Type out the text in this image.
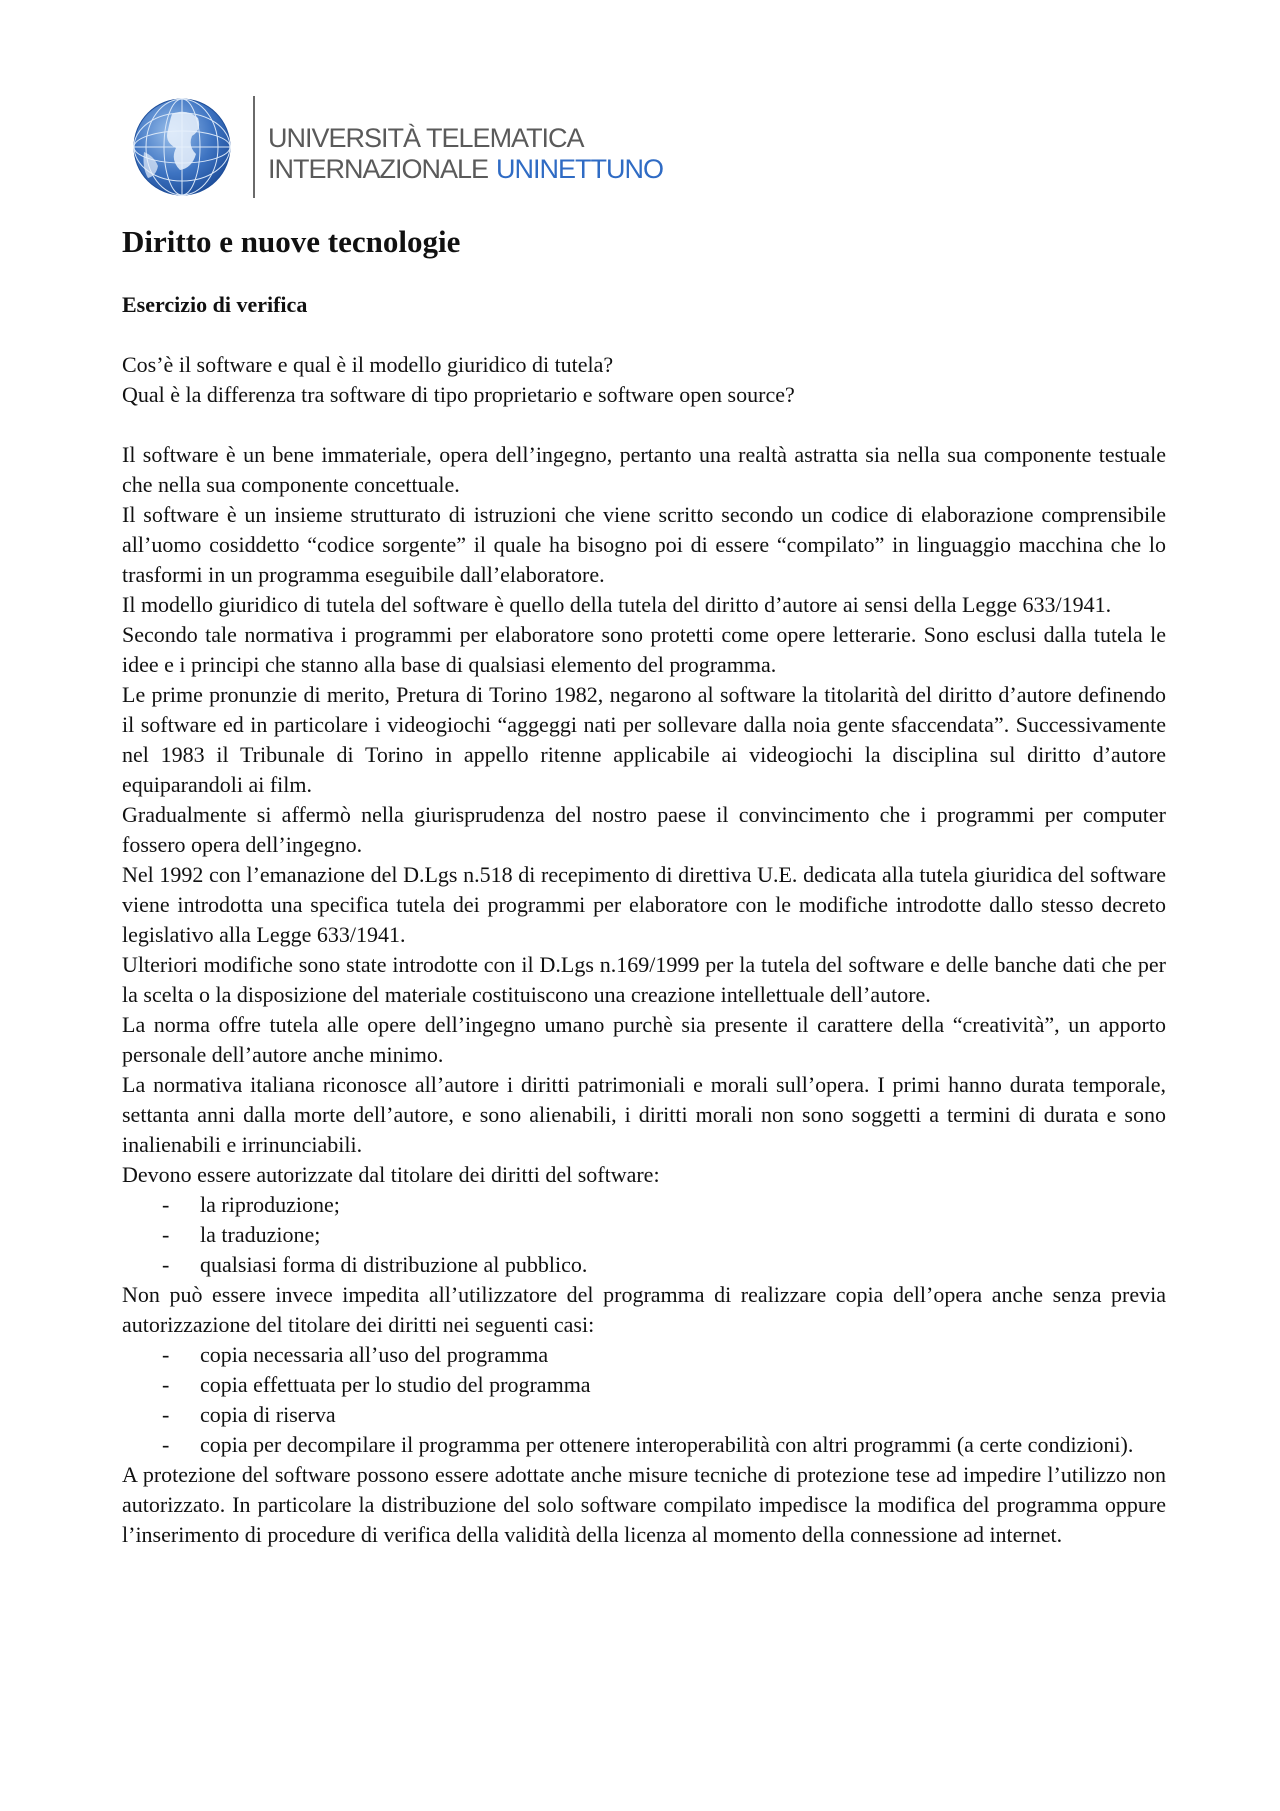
UNIVERSITÀ TELEMATICA
INTERNAZIONALE UNINETTUNO
Diritto e nuove tecnologie
Esercizio di verifica

Cos’è il software e qual è il modello giuridico di tutela?

Qual è la differenza tra software di tipo proprietario e software open source?

Il software è un bene immateriale, opera dell’ingegno, pertanto una realtà astratta sia nella sua componente testuale che nella sua componente concettuale.

Il software è un insieme strutturato di istruzioni che viene scritto secondo un codice di elaborazione comprensibile all’uomo cosiddetto “codice sorgente” il quale ha bisogno poi di essere “compilato” in linguaggio macchina che lo trasformi in un programma eseguibile dall’elaboratore.

Il modello giuridico di tutela del software è quello della tutela del diritto d’autore ai sensi della Legge 633/1941.

Secondo tale normativa i programmi per elaboratore sono protetti come opere letterarie. Sono esclusi dalla tutela le idee e i principi che stanno alla base di qualsiasi elemento del programma.

Le prime pronunzie di merito, Pretura di Torino 1982, negarono al software la titolarità del diritto d’autore definendo il software ed in particolare i videogiochi “aggeggi nati per sollevare dalla noia gente sfaccendata”. Successivamente nel 1983 il Tribunale di Torino in appello ritenne applicabile ai videogiochi la disciplina sul diritto d’autore equiparandoli ai film.

Gradualmente si affermò nella giurisprudenza del nostro paese il convincimento che i programmi per computer fossero opera dell’ingegno.

Nel 1992 con l’emanazione del D.Lgs n.518 di recepimento di direttiva U.E. dedicata alla tutela giuridica del software viene introdotta una specifica tutela dei programmi per elaboratore con le modifiche introdotte dallo stesso decreto legislativo alla Legge 633/1941.

Ulteriori modifiche sono state introdotte con il D.Lgs n.169/1999 per la tutela del software e delle banche dati che per la scelta o la disposizione del materiale costituiscono una creazione intellettuale dell’autore.

La norma offre tutela alle opere dell’ingegno umano purchè sia presente il carattere della “creatività”, un apporto personale dell’autore anche minimo.

La normativa italiana riconosce all’autore i diritti patrimoniali e morali sull’opera. I primi hanno durata temporale, settanta anni dalla morte dell’autore, e sono alienabili, i diritti morali non sono soggetti a termini di durata e sono inalienabili e irrinunciabili.

Devono essere autorizzate dal titolare dei diritti del software:

- la riproduzione;
- la traduzione;
- qualsiasi forma di distribuzione al pubblico.

Non può essere invece impedita all’utilizzatore del programma di realizzare copia dell’opera anche senza previa autorizzazione del titolare dei diritti nei seguenti casi:

- copia necessaria all’uso del programma
- copia effettuata per lo studio del programma
- copia di riserva
- copia per decompilare il programma per ottenere interoperabilità con altri programmi (a certe condizioni).

A protezione del software possono essere adottate anche misure tecniche di protezione tese ad impedire l’utilizzo non autorizzato. In particolare la distribuzione del solo software compilato impedisce la modifica del programma oppure l’inserimento di procedure di verifica della validità della licenza al momento della connessione ad internet.
